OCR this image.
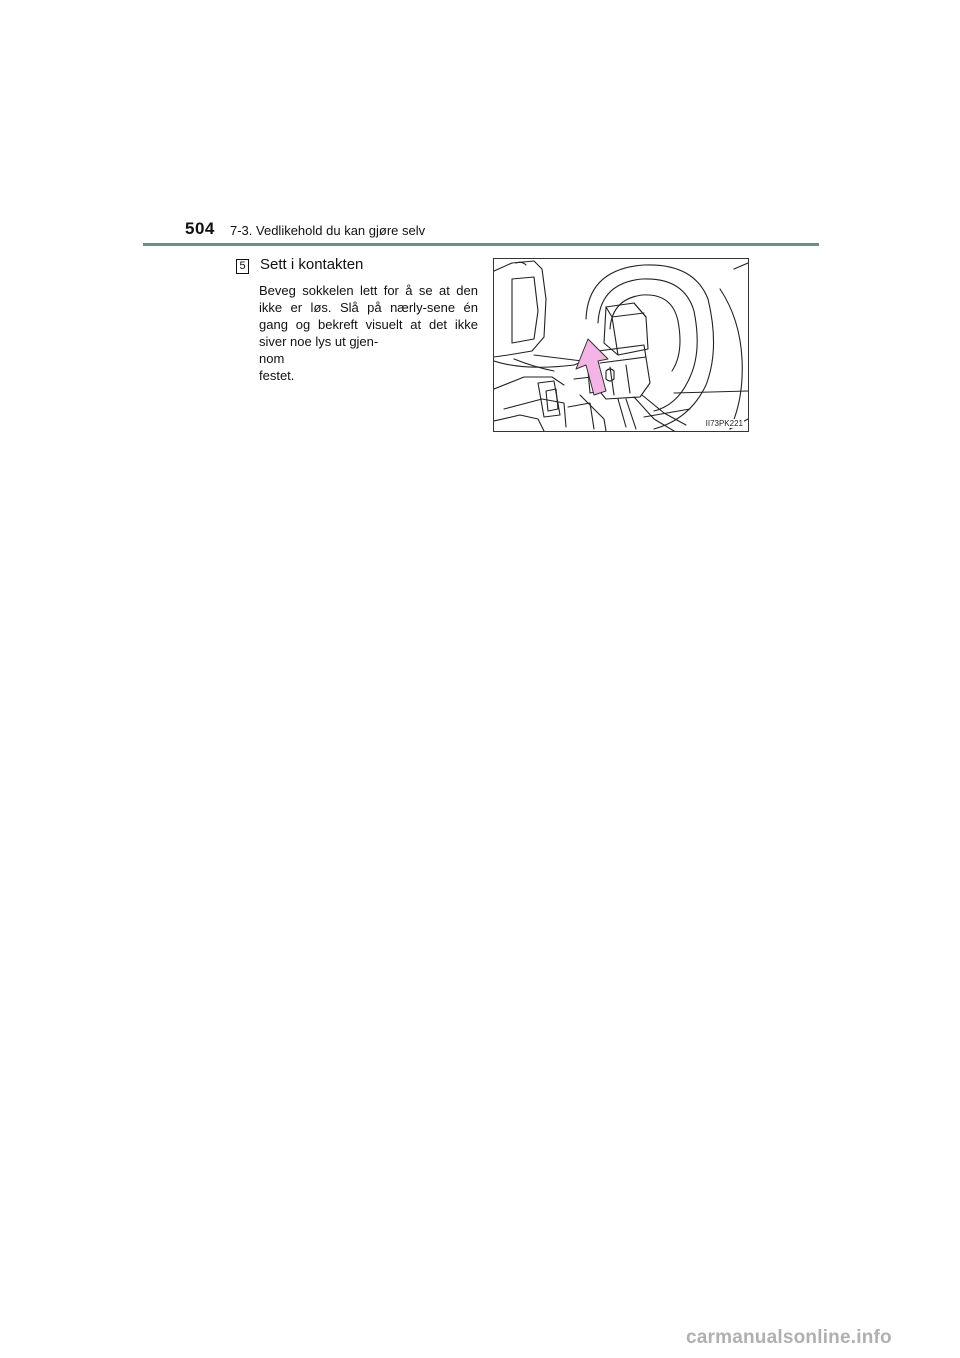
504 7-3. Vedlikehold du kan gjøre selv
5 Sett i kontakten
Beveg sokkelen lett for å se at den ikke er løs. Slå på nærly-sene én gang og bekreft visuelt at det ikke siver noe lys ut gjen-
nom
festet.
II73PK221
carmanualsonline.info
